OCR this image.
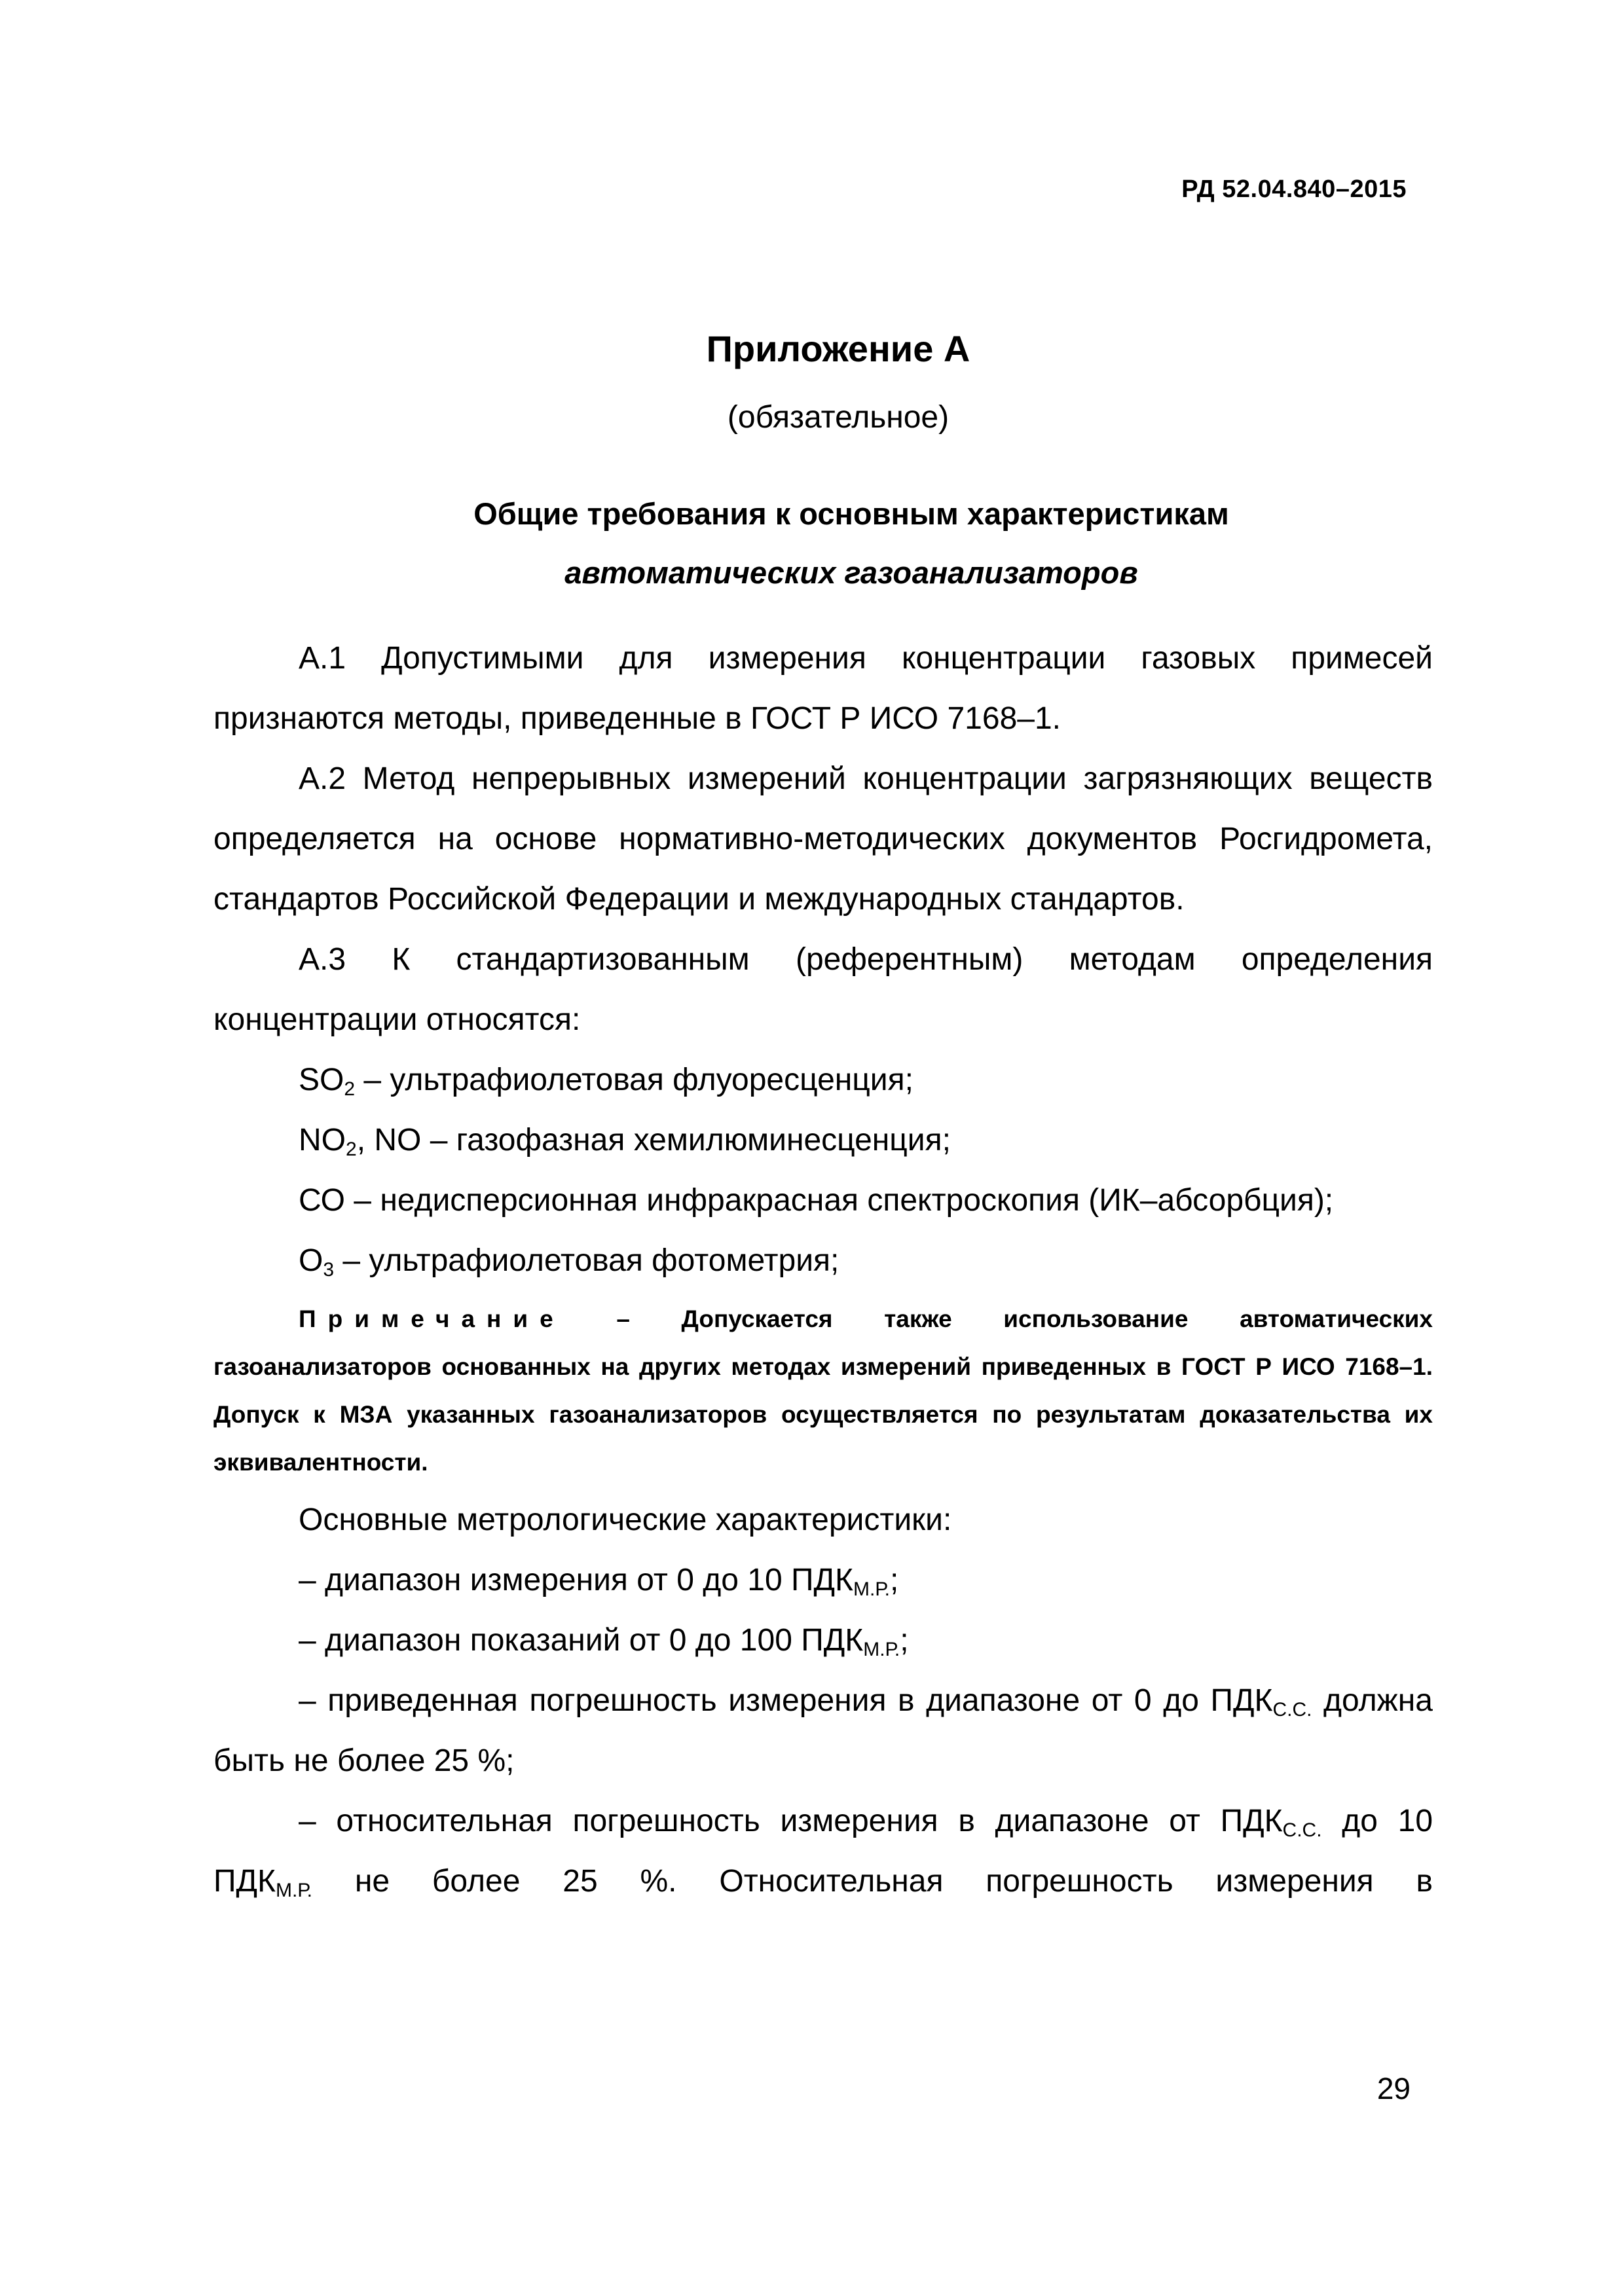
РД 52.04.840–2015
Приложение А
(обязательное)
Общие требования к основным характеристикам
автоматических газоанализаторов

А.1 Допустимыми для измерения концентрации газовых примесей признаются методы, приведенные в ГОСТ Р ИСО 7168–1.

А.2 Метод непрерывных измерений концентрации загрязняющих веществ определяется на основе нормативно-методических документов Росгидромета, стандартов Российской Федерации и международных стандартов.

А.3 К стандартизованным (референтным) методам определения концентрации относятся:

$SO_2$ – ультрафиолетовая флуоресценция;

$NO_2$, NO – газофазная хемилюминесценция;

СО – недисперсионная инфракрасная спектроскопия (ИК–абсорбция);

$O_3$ – ультрафиолетовая фотометрия;

Примечание – Допускается также использование автоматических газоанализаторов основанных на других методах измерений приведенных в ГОСТ Р ИСО 7168–1. Допуск к МЗА указанных газоанализаторов осуществляется по результатам доказательства их эквивалентности.

Основные метрологические характеристики:

– диапазон измерения от 0 до 10 $ПДК_{М.Р.}$;

– диапазон показаний от 0 до 100 $ПДК_{М.Р.}$;

– приведенная погрешность измерения в диапазоне от 0 до $ПДК_{С.С.}$ должна быть не более 25 %;

– относительная погрешность измерения в диапазоне от $ПДК_{С.С.}$ до 10 $ПДК_{М.Р.}$ не более 25 %. Относительная погрешность измерения в

29
